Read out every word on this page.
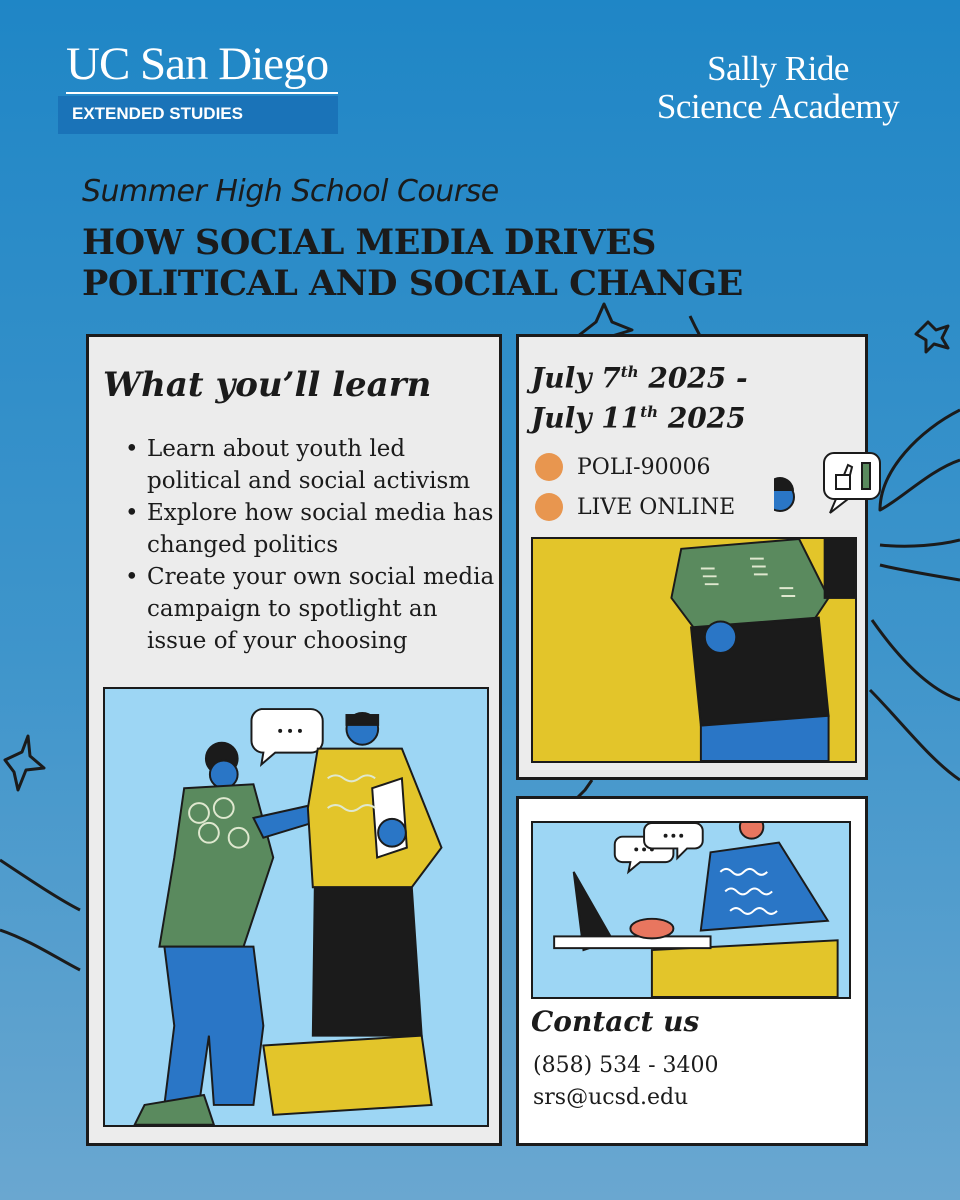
UC San Diego
EXTENDED STUDIES
Sally Ride
Science Academy
Summer High School Course
HOW SOCIAL MEDIA DRIVES
POLITICAL AND SOCIAL CHANGE
What you’ll learn
• Learn about youth led political and social activism
• Explore how social media has changed politics
• Create your own social media campaign to spotlight an issue of your choosing
July 7th 2025 -
July 11th 2025
POLI-90006
LIVE ONLINE
Contact us
(858) 534 - 3400
srs@ucsd.edu
